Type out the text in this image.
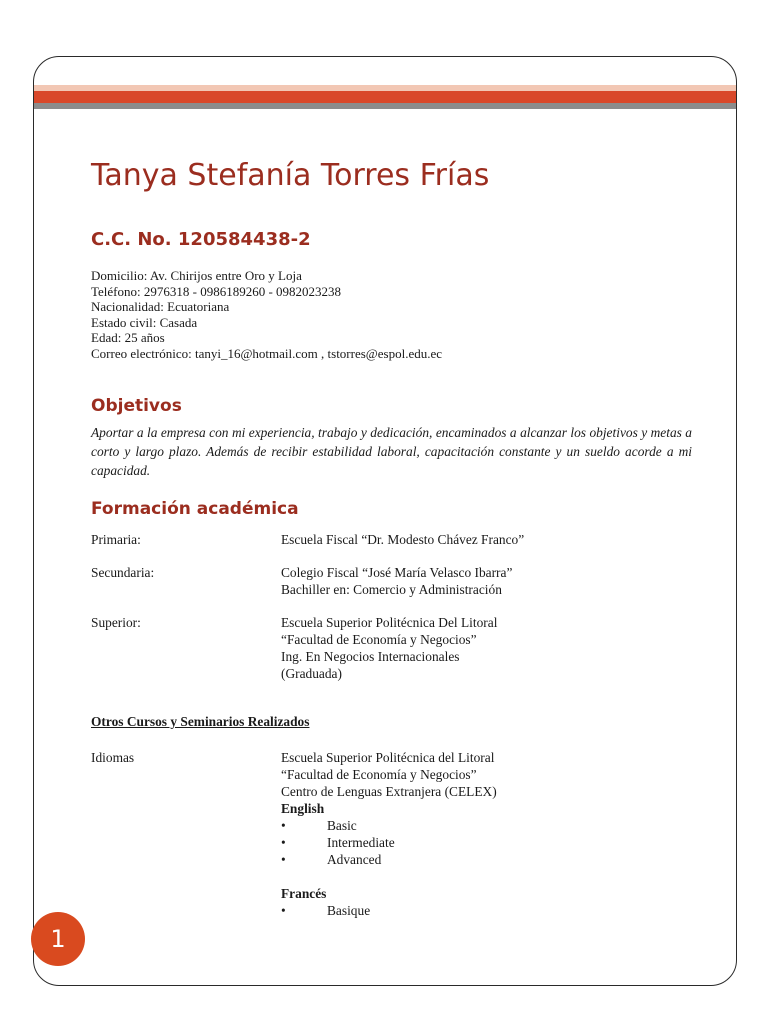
Tanya Stefanía Torres Frías
C.C. No. 120584438-2
Domicilio: Av. Chirijos entre Oro y Loja
Teléfono: 2976318 - 0986189260 - 0982023238
Nacionalidad: Ecuatoriana
Estado civil: Casada
Edad: 25 años
Correo electrónico: tanyi_16@hotmail.com , tstorres@espol.edu.ec
Objetivos

Aportar a la empresa con mi experiencia, trabajo y dedicación, encaminados a alcanzar los objetivos y metas a corto y largo plazo. Además de recibir estabilidad laboral, capacitación constante y un sueldo acorde a mi capacidad.

Formación académica
Primaria:	Escuela Fiscal “Dr. Modesto Chávez Franco”
Secundaria:	Colegio Fiscal “José María Velasco Ibarra”
Bachiller en: Comercio y Administración
Superior:	Escuela Superior Politécnica Del Litoral
“Facultad de Economía y Negocios”
Ing. En Negocios Internacionales
(Graduada)
Otros Cursos y Seminarios Realizados
Idiomas	Escuela Superior Politécnica del Litoral
“Facultad de Economía y Negocios”
Centro de Lenguas Extranjera (CELEX)
English
•	Basic
•	Intermediate
•	Advanced
Francés
•	Basique
1
